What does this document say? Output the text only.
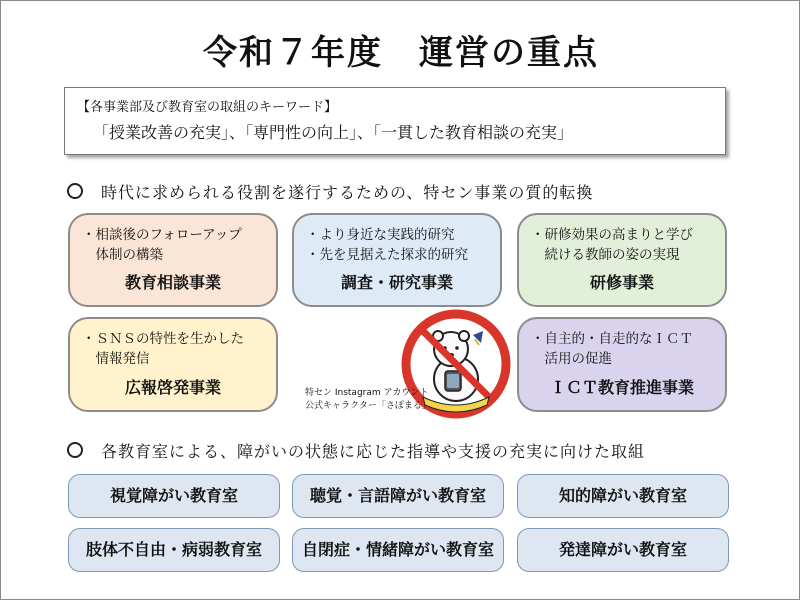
令和７年度　運営の重点
【各事業部及び教育室の取組のキーワード】
「授業改善の充実」、「専門性の向上」、「一貫した教育相談の充実」
時代に求められる役割を遂行するための、特セン事業の質的転換
・相談後のフォローアップ
　体制の構築
教育相談事業
・より身近な実践的研究
・先を見据えた探求的研究
調査・研究事業
・研修効果の高まりと学び
　続ける教師の姿の実現
研修事業
・ＳＮＳの特性を生かした
　情報発信
広報啓発事業	特セン Instagram アカウント
公式キャラクター「さぽまる」
・自主的・自走的なＩＣＴ
　活用の促進
ＩＣＴ教育推進事業
各教育室による、障がいの状態に応じた指導や支援の充実に向けた取組
視覚障がい教育室	聴覚・言語障がい教育室	知的障がい教育室
肢体不自由・病弱教育室	自閉症・情緒障がい教育室	発達障がい教育室
